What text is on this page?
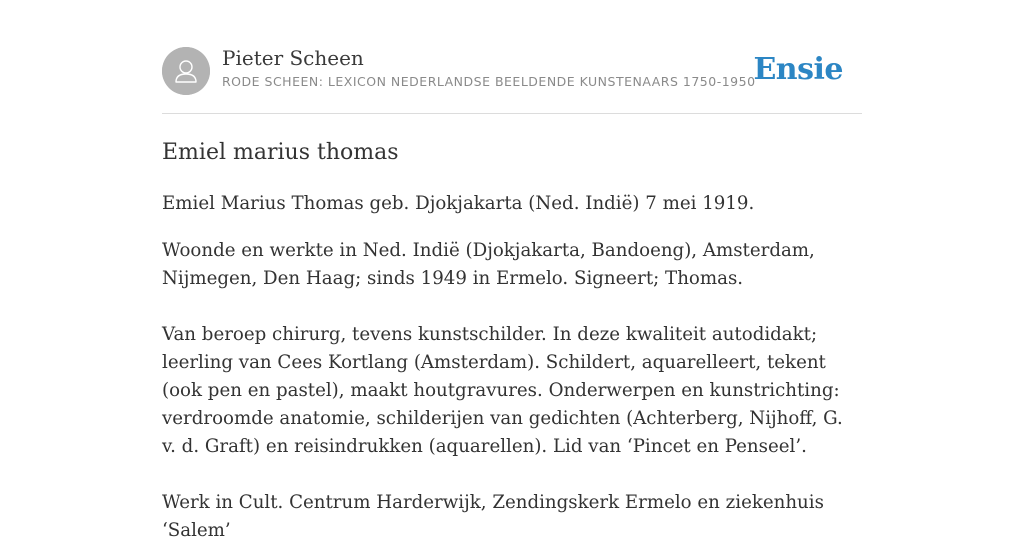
Pieter Scheen
RODE SCHEEN: LEXICON NEDERLANDSE BEELDENDE KUNSTENAARS 1750-1950
Ensie
Emiel marius thomas

Emiel Marius Thomas geb. Djokjakarta (Ned. Indië) 7 mei 1919.

Woonde en werkte in Ned. Indië (Djokjakarta, Bandoeng), Amsterdam, Nijmegen, Den Haag; sinds 1949 in Ermelo. Signeert; Thomas.

Van beroep chirurg, tevens kunstschilder. In deze kwaliteit autodidakt; leerling van Cees Kortlang (Amsterdam). Schildert, aquarelleert, tekent (ook pen en pastel), maakt houtgravures. Onderwerpen en kunstrichting: verdroomde anatomie, schilderijen van gedichten (Achterberg, Nijhoff, G. v. d. Graft) en reisindrukken (aquarellen). Lid van ‘Pincet en Penseel’.

Werk in Cult. Centrum Harderwijk, Zendingskerk Ermelo en ziekenhuis ‘Salem’
